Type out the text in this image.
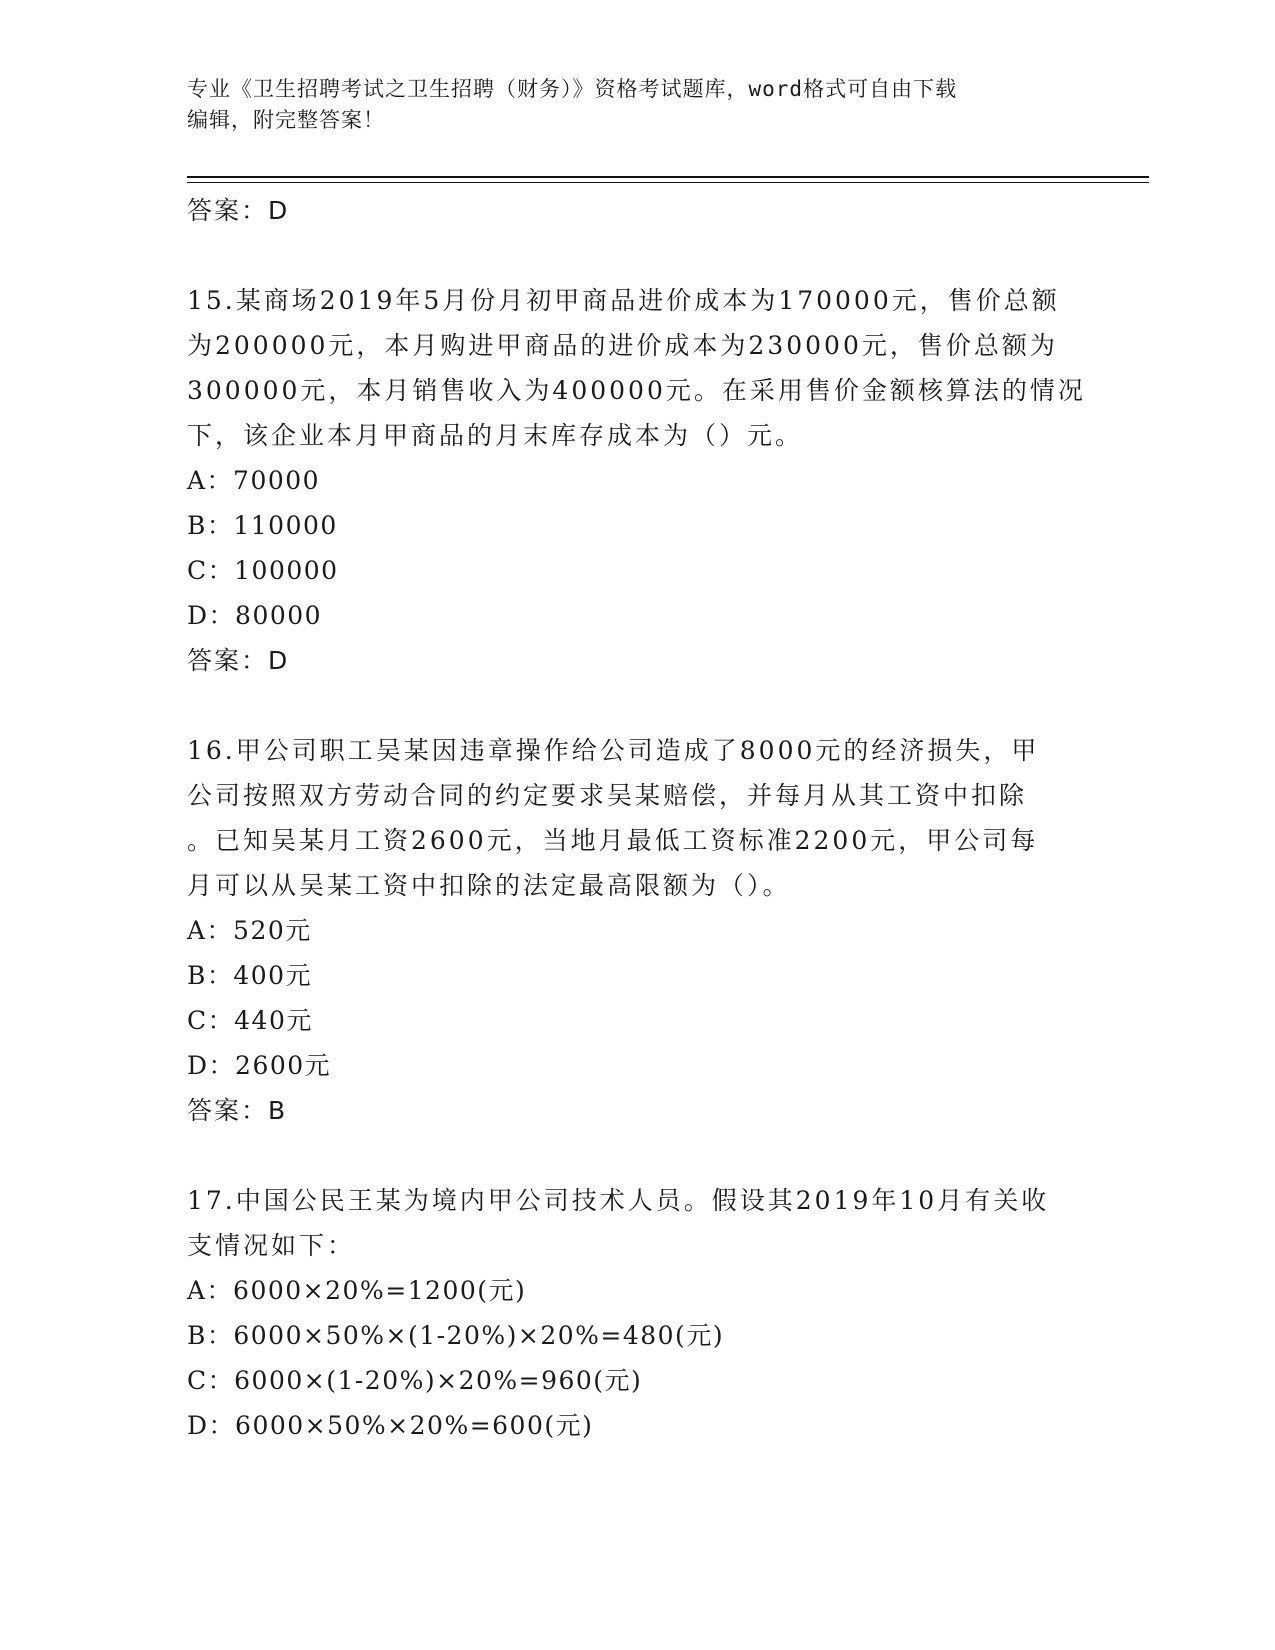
专业《卫生招聘考试之卫生招聘（财务）》资格考试题库，word格式可自由下载
编辑，附完整答案！
答案：D
15.某商场2019年5月份月初甲商品进价成本为170000元，售价总额
为200000元，本月购进甲商品的进价成本为230000元，售价总额为
300000元，本月销售收入为400000元。在采用售价金额核算法的情况
下，该企业本月甲商品的月末库存成本为（）元。
A：70000
B：110000
C：100000
D：80000
答案：D
16.甲公司职工吴某因违章操作给公司造成了8000元的经济损失，甲
公司按照双方劳动合同的约定要求吴某赔偿，并每月从其工资中扣除
。已知吴某月工资2600元，当地月最低工资标准2200元，甲公司每
月可以从吴某工资中扣除的法定最高限额为（）。
A：520元
B：400元
C：440元
D：2600元
答案：B
17.中国公民王某为境内甲公司技术人员。假设其2019年10月有关收
支情况如下：
A：6000×20%=1200(元)
B：6000×50%×(1-20%)×20%=480(元)
C：6000×(1-20%)×20%=960(元)
D：6000×50%×20%=600(元)
